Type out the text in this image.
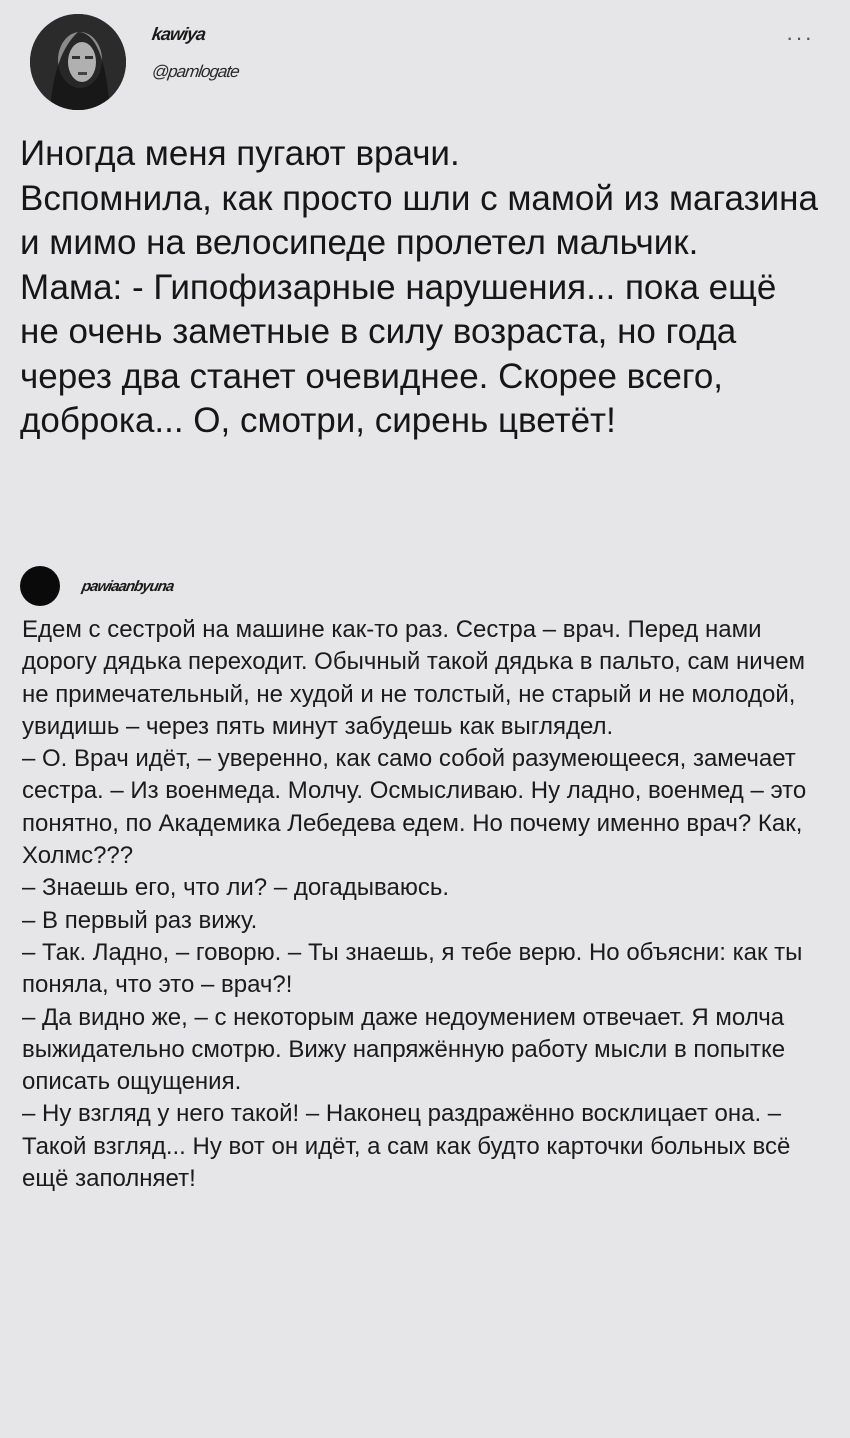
kawiya
@pamlogate
···

Иногда меня пугают врачи.

Вспомнила, как просто шли с мамой из магазина и мимо на велосипеде пролетел мальчик.

Мама: - Гипофизарные нарушения... пока ещё не очень заметные в силу возраста, но года через два станет очевиднее. Скорее всего, доброка... О, смотри, сирень цветёт!

pawiaanbyuna

Едем с сестрой на машине как-то раз. Сестра – врач. Перед нами дорогу дядька переходит. Обычный такой дядька в пальто, сам ничем не примечательный, не худой и не толстый, не старый и не молодой, увидишь – через пять минут забудешь как выглядел.

– О. Врач идёт, – уверенно, как само собой разумеющееся, замечает сестра. – Из военмеда. Молчу. Осмысливаю. Ну ладно, военмед – это понятно, по Академика Лебедева едем. Но почему именно врач? Как, Холмс???

– Знаешь его, что ли? – догадываюсь.

– В первый раз вижу.

– Так. Ладно, – говорю. – Ты знаешь, я тебе верю. Но объясни: как ты поняла, что это – врач?!

– Да видно же, – с некоторым даже недоумением отвечает. Я молча выжидательно смотрю. Вижу напряжённую работу мысли в попытке описать ощущения.

– Ну взгляд у него такой! – Наконец раздражённо восклицает она. – Такой взгляд... Ну вот он идёт, а сам как будто карточки больных всё ещё заполняет!
